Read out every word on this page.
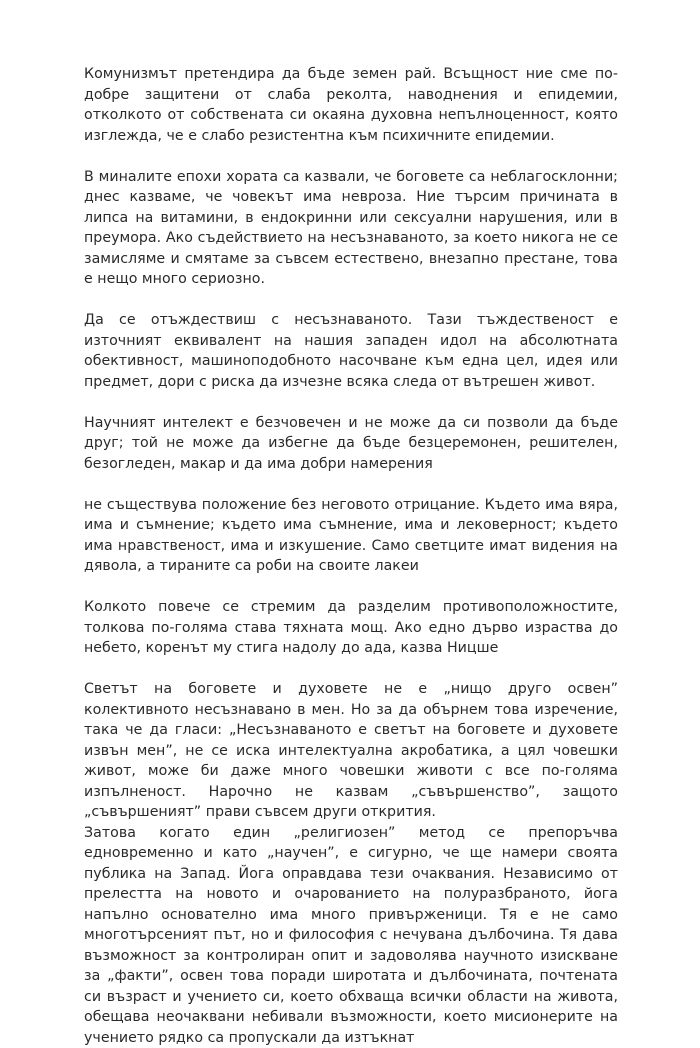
Комунизмът претендира да бъде земен рай. Всъщност ние сме по-добре защитени от слаба реколта, наводнения и епидемии, отколкото от собствената си окаяна духовна непълноценност, която изглежда, че е слабо резистентна към психичните епидемии.

В миналите епохи хората са казвали, че боговете са неблагосклонни; днес казваме, че човекът има невроза. Ние търсим причината в липса на витамини, в ендокринни или сексуални нарушения, или в преумора. Ако съдействието на несъзнаваното, за което никога не се замисляме и смятаме за съвсем естествено, внезапно престане, това е нещо много сериозно.

Да се отъждествиш с несъзнаваното. Тази тъждественост е източният еквивалент на нашия западен идол на абсолютната обективност, машиноподобното насочване към една цел, идея или предмет, дори с риска да изчезне всяка следа от вътрешен живот.

Научният интелект е безчовечен и не може да си позволи да бъде друг; той не може да избегне да бъде безцеремонен, решителен, безогледен, макар и да има добри намерения

не съществува положение без неговото отрицание. Където има вяра, има и съмнение; където има съмнение, има и лековерност; където има нравственост, има и изкушение. Само светците имат видения на дявола, а тираните са роби на своите лакеи

Колкото повече се стремим да разделим противоположностите, толкова по-голяма става тяхната мощ. Ако едно дърво израства до небето, коренът му стига надолу до ада, казва Ницше

Светът на боговете и духовете не е „нищо друго освен” колективното несъзнавано в мен. Но за да обърнем това изречение, така че да гласи: „Несъзнаваното е светът на боговете и духовете извън мен”, не се иска интелектуална акробатика, а цял човешки живот, може би даже много човешки животи с все по-голяма изпълненост. Нарочно не казвам „съвършенство”, защото „съвършеният” прави съвсем други открития.

Затова когато един „религиозен” метод се препоръчва едновременно и като „научен”, е сигурно, че ще намери своята публика на Запад. Йога оправдава тези очаквания. Независимо от прелестта на новото и очарованието на полуразбраното, йога напълно основателно има много привърженици. Тя е не само многотърсеният път, но и философия с нечувана дълбочина. Тя дава възможност за контролиран опит и задоволява научното изискване за „факти”, освен това поради широтата и дълбочината, почтената си възраст и учението си, което обхваща всички области на живота, обещава неочаквани небивали възможности, което мисионерите на учението рядко са пропускали да изтъкнат
